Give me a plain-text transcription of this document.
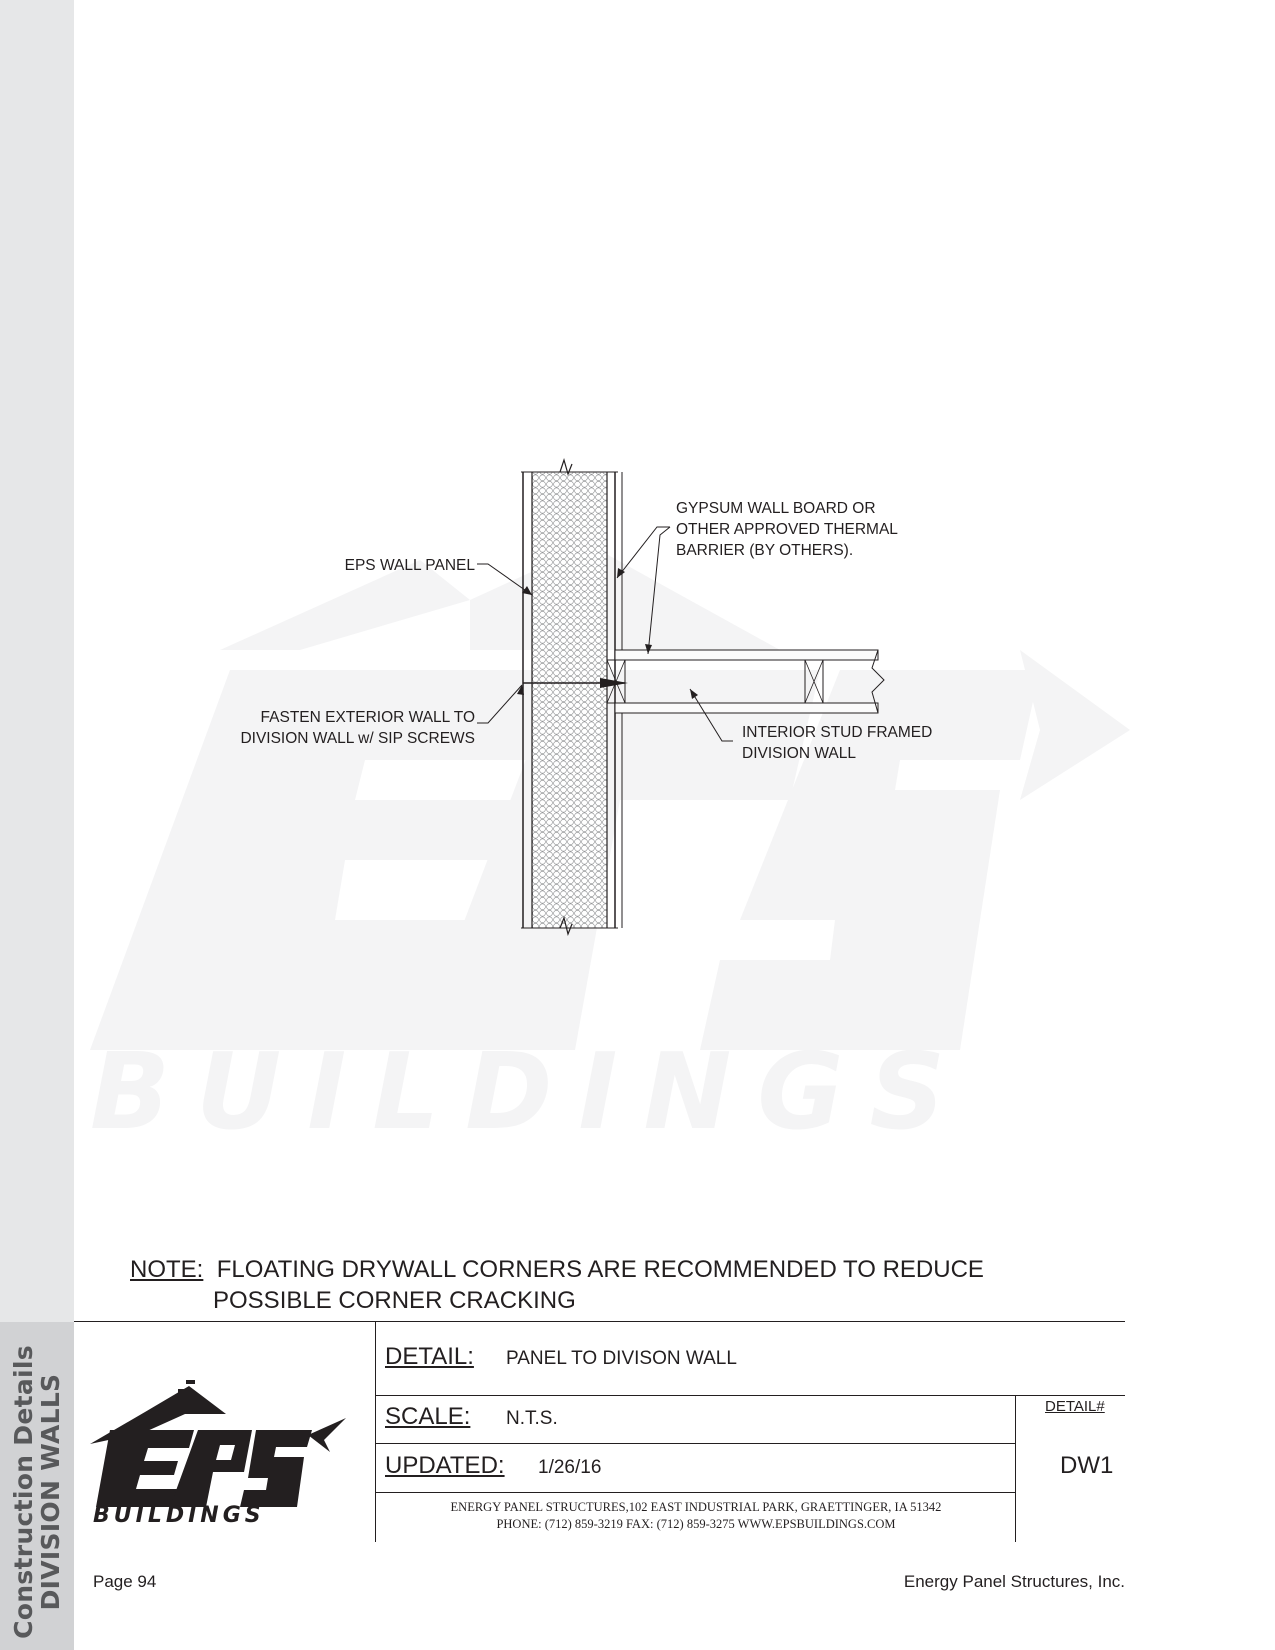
Construction Details
DIVISION WALLS
BUILDINGS
GYPSUM WALL BOARD OR
OTHER APPROVED THERMAL
BARRIER (BY OTHERS).
EPS WALL PANEL
FASTEN EXTERIOR WALL TO
DIVISION WALL w/ SIP SCREWS	INTERIOR STUD FRAMED
DIVISION WALL
NOTE: FLOATING DRYWALL CORNERS ARE RECOMMENDED TO REDUCE
POSSIBLE CORNER CRACKING
DETAIL: PANEL TO DIVISON WALL
SCALE: N.T.S.
UPDATED: 1/26/16
DETAIL#
DW1
ENERGY PANEL STRUCTURES,102 EAST INDUSTRIAL PARK, GRAETTINGER, IA 51342
PHONE: (712) 859-3219 FAX: (712) 859-3275 WWW.EPSBUILDINGS.COM
BUILDINGS
Page 94	Energy Panel Structures, Inc.
